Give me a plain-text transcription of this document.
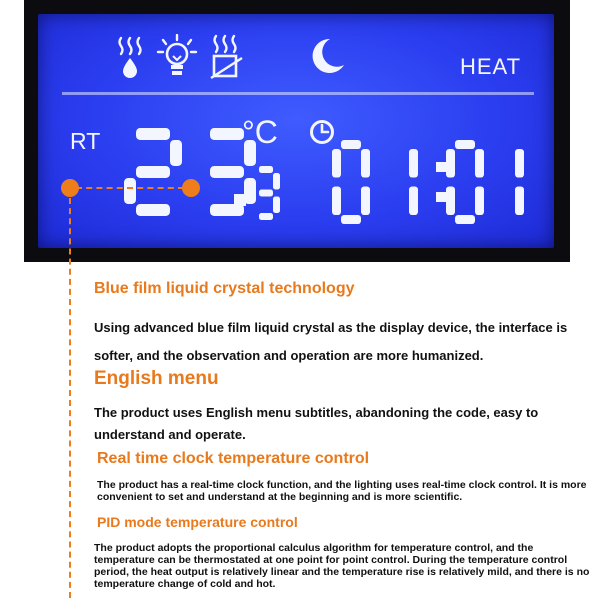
HEAT
RT	°C
Blue film liquid crystal technology

Using advanced blue film liquid crystal as the display device, the interface is softer, and the observation and operation are more humanized.

English menu

The product uses English menu subtitles, abandoning the code, easy to understand and operate.

Real time clock temperature control

The product has a real-time clock function, and the lighting uses real-time clock control. It is more convenient to set and understand at the beginning and is more scientific.

PID mode temperature control

The product adopts the proportional calculus algorithm for temperature control, and the temperature can be thermostated at one point for point control. During the temperature control period, the heat output is relatively linear and the temperature rise is relatively mild, and there is no temperature change of cold and hot.
